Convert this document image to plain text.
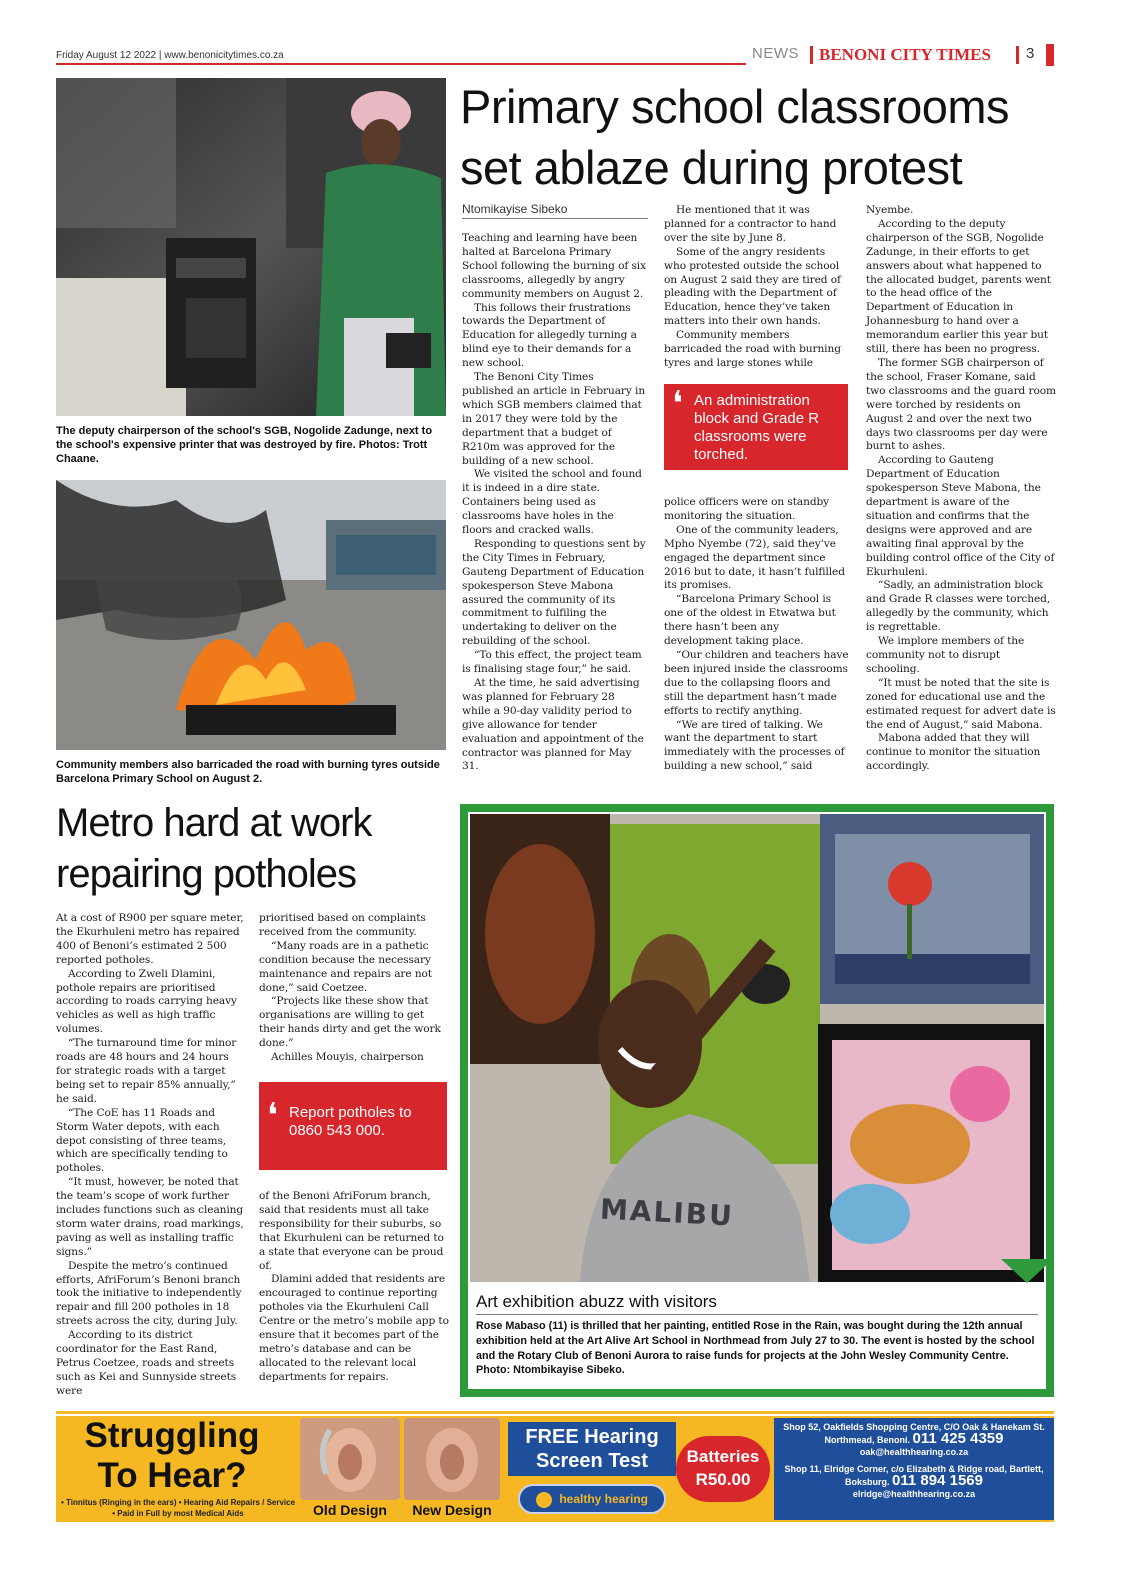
Friday August 12 2022 | www.benonicitytimes.co.za	NEWS BENONI CITY TIMES 3
The deputy chairperson of the school's SGB, Nogolide Zadunge, next to the school's expensive printer that was destroyed by fire. Photos: Trott Chaane.
Community members also barricaded the road with burning tyres outside Barcelona Primary School on August 2.
Primary school classrooms set ablaze during protest
Ntomikayise Sibeko

Teaching and learning have been halted at Barcelona Primary School following the burning of six classrooms, allegedly by angry community members on August 2.

This follows their frustrations towards the Department of Education for allegedly turning a blind eye to their demands for a new school.

The Benoni City Times published an article in February in which SGB members claimed that in 2017 they were told by the department that a budget of R210m was approved for the building of a new school.

We visited the school and found it is indeed in a dire state. Containers being used as classrooms have holes in the floors and cracked walls.

Responding to questions sent by the City Times in February, Gauteng Department of Education spokesperson Steve Mabona assured the community of its commitment to fulfiling the undertaking to deliver on the rebuilding of the school.

“To this effect, the project team is finalising stage four,” he said.

At the time, he said advertising was planned for February 28 while a 90-day validity period to give allowance for tender evaluation and appointment of the contractor was planned for May 31.

He mentioned that it was planned for a contractor to hand over the site by June 8.

Some of the angry residents who protested outside the school on August 2 said they are tired of pleading with the Department of Education, hence they’ve taken matters into their own hands.

Community members barricaded the road with burning tyres and large stones while

❛ An administration block and Grade R classrooms were torched.

police officers were on standby monitoring the situation.

One of the community leaders, Mpho Nyembe (72), said they’ve engaged the department since 2016 but to date, it hasn’t fulfilled its promises.

“Barcelona Primary School is one of the oldest in Etwatwa but there hasn’t been any development taking place.

“Our children and teachers have been injured inside the classrooms due to the collapsing floors and still the department hasn’t made efforts to rectify anything.

“We are tired of talking. We want the department to start immediately with the processes of building a new school,” said

Nyembe.

According to the deputy chairperson of the SGB, Nogolide Zadunge, in their efforts to get answers about what happened to the allocated budget, parents went to the head office of the Department of Education in Johannesburg to hand over a memorandum earlier this year but still, there has been no progress.

The former SGB chairperson of the school, Fraser Komane, said two classrooms and the guard room were torched by residents on August 2 and over the next two days two classrooms per day were burnt to ashes.

According to Gauteng Department of Education spokesperson Steve Mabona, the department is aware of the situation and confirms that the designs were approved and are awaiting final approval by the building control office of the City of Ekurhuleni.

“Sadly, an administration block and Grade R classes were torched, allegedly by the community, which is regrettable.

We implore members of the community not to disrupt schooling.

“It must be noted that the site is zoned for educational use and the estimated request for advert date is the end of August,” said Mabona.

Mabona added that they will continue to monitor the situation accordingly.

Metro hard at work repairing potholes

At a cost of R900 per square meter, the Ekurhuleni metro has repaired 400 of Benoni’s estimated 2 500 reported potholes.

According to Zweli Dlamini, pothole repairs are prioritised according to roads carrying heavy vehicles as well as high traffic volumes.

“The turnaround time for minor roads are 48 hours and 24 hours for strategic roads with a target being set to repair 85% annually,” he said.

“The CoE has 11 Roads and Storm Water depots, with each depot consisting of three teams, which are specifically tending to potholes.

“It must, however, be noted that the team’s scope of work further includes functions such as cleaning storm water drains, road markings, paving as well as installing traffic signs.”

Despite the metro’s continued efforts, AfriForum’s Benoni branch took the initiative to independently repair and fill 200 potholes in 18 streets across the city, during July.

According to its district coordinator for the East Rand, Petrus Coetzee, roads and streets such as Kei and Sunnyside streets were

prioritised based on complaints received from the community.

“Many roads are in a pathetic condition because the necessary maintenance and repairs are not done,” said Coetzee.

“Projects like these show that organisations are willing to get their hands dirty and get the work done.”

Achilles Mouyis, chairperson

❛ Report potholes to 0860 543 000.

of the Benoni AfriForum branch, said that residents must all take responsibility for their suburbs, so that Ekurhuleni can be returned to a state that everyone can be proud of.

Dlamini added that residents are encouraged to continue reporting potholes via the Ekurhuleni Call Centre or the metro’s mobile app to ensure that it becomes part of the metro’s database and can be allocated to the relevant local departments for repairs.

MALIBU
Art exhibition abuzz with visitors
Rose Mabaso (11) is thrilled that her painting, entitled Rose in the Rain, was bought during the 12th annual exhibition held at the Art Alive Art School in Northmead from July 27 to 30. The event is hosted by the school and the Rotary Club of Benoni Aurora to raise funds for projects at the John Wesley Community Centre. Photo: Ntombikayise Sibeko.
Struggling
To Hear?
• Tinnitus (Ringing in the ears) • Hearing Aid Repairs / Service • Paid in Full by most Medical Aids	Old Design	New Design
FREE Hearing
Screen Test
healthy hearing
Batteries
R50.00
Shop 52, Oakfields Shopping Centre, C/O Oak & Hanekam St. Northmead, Benoni. 011 425 4359
oak@healthhearing.co.za
Shop 11, Elridge Corner, c/o Elizabeth & Ridge road, Bartlett, Boksburg. 011 894 1569
elridge@healthhearing.co.za
